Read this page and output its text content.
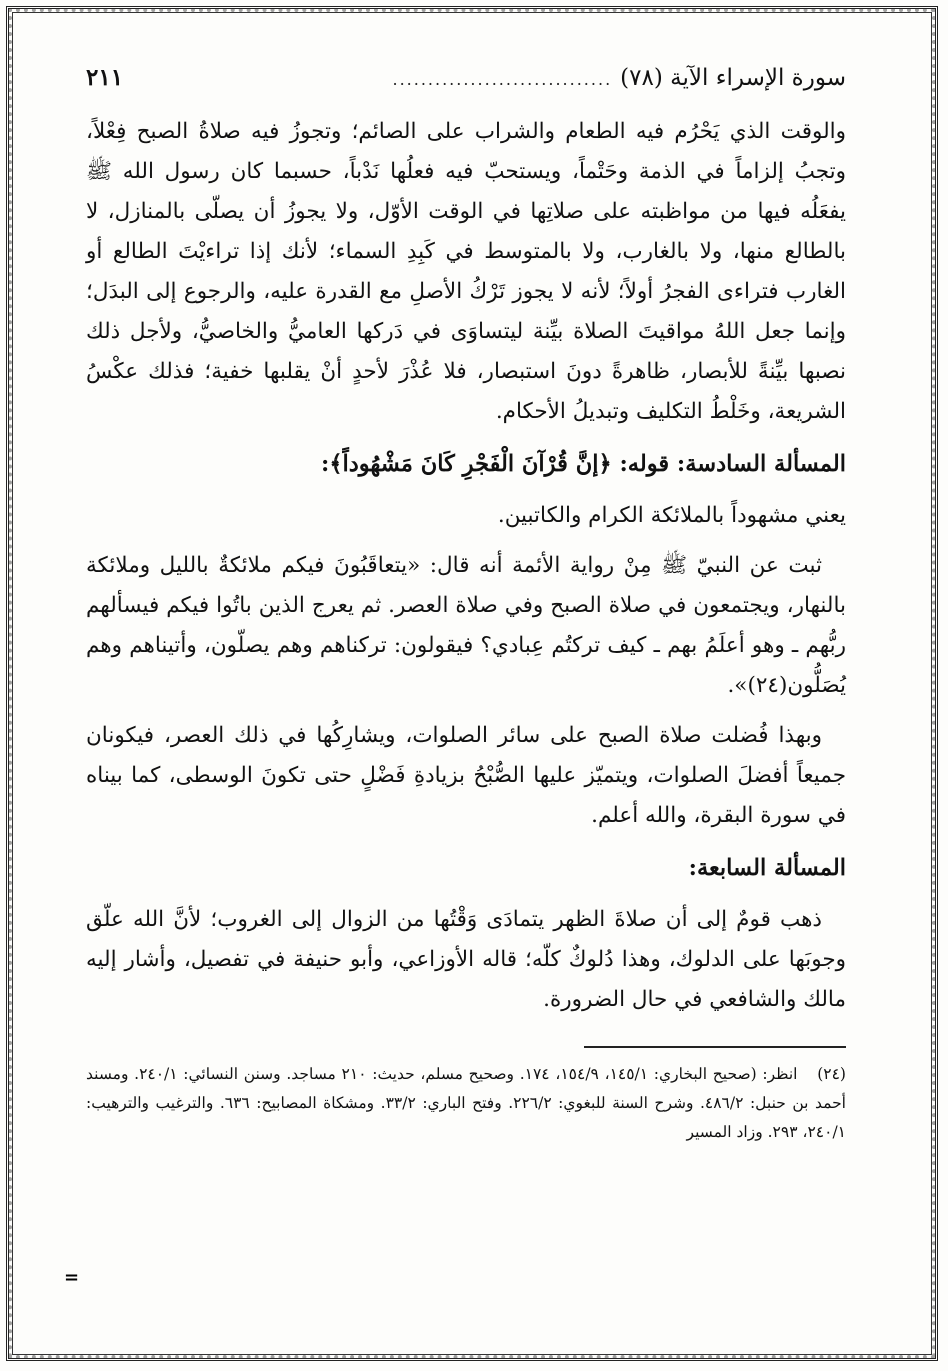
سورة الإسراء الآية (٧٨)
...............................
٢١١

والوقت الذي يَحْرُم فيه الطعام والشراب على الصائم؛ وتجوزُ فيه صلاةُ الصبح فِعْلاً، وتجبُ إلزاماً في الذمة وحَتْماً، ويستحبّ فيه فعلُها نَدْباً، حسبما كان رسول الله ﷺ يفعَلُه فيها من مواظبته على صلاتِها في الوقت الأوّل، ولا يجوزُ أن يصلّى بالمنازل، لا بالطالع منها، ولا بالغارب، ولا بالمتوسط في كَبِدِ السماء؛ لأنك إذا تراءيْتَ الطالع أو الغارب فتراءى الفجرُ أولاً؛ لأنه لا يجوز تَرْكُ الأصلِ مع القدرة عليه، والرجوع إلى البدَل؛ وإنما جعل اللهُ مواقيتَ الصلاة بيِّنة ليتساوَى في دَركها العاميُّ والخاصيُّ، ولأجل ذلك نصبها بيِّنةً للأبصار، ظاهرةً دونَ استبصار، فلا عُذْرَ لأحدٍ أنْ يقلبها خفية؛ فذلك عكْسُ الشريعة، وخَلْطُ التكليف وتبديلُ الأحكام.

المسألة السادسة: قوله: ﴿إنَّ قُرْآنَ الْفَجْرِ كَانَ مَشْهُوداً﴾:

يعني مشهوداً بالملائكة الكرام والكاتبين.

ثبت عن النبيّ ﷺ مِنْ رواية الأئمة أنه قال: «يتعاقَبُونَ فيكم ملائكةٌ بالليل وملائكة بالنهار، ويجتمعون في صلاة الصبح وفي صلاة العصر. ثم يعرج الذين باتُوا فيكم فيسألهم ربُّهم ـ وهو أعلَمُ بهم ـ كيف تركتُم عِبادي؟ فيقولون: تركناهم وهم يصلّون، وأتيناهم وهم يُصَلُّون(٢٤)».

وبهذا فُضلت صلاة الصبح على سائر الصلوات، ويشارِكُها في ذلك العصر، فيكونان جميعاً أفضلَ الصلوات، ويتميّز عليها الصُّبْحُ بزيادةِ فَضْلٍ حتى تكونَ الوسطى، كما بيناه في سورة البقرة، والله أعلم.

المسألة السابعة:

ذهب قومٌ إلى أن صلاةَ الظهر يتمادَى وَقْتُها من الزوال إلى الغروب؛ لأنَّ الله علّق وجوبَها على الدلوك، وهذا دُلوكٌ كلّه؛ قاله الأوزاعي، وأبو حنيفة في تفصيل، وأشار إليه مالك والشافعي في حال الضرورة.

(٢٤) انظر: (صحيح البخاري: ١٤٥/١، ١٥٤/٩، ١٧٤. وصحيح مسلم، حديث: ٢١٠ مساجد. وسنن النسائي: ٢٤٠/١. ومسند أحمد بن حنبل: ٤٨٦/٢. وشرح السنة للبغوي: ٢٢٦/٢. وفتح الباري: ٣٣/٢. ومشكاة المصابيح: ٦٣٦. والترغيب والترهيب: ٢٤٠/١، ٢٩٣. وزاد المسير
=
